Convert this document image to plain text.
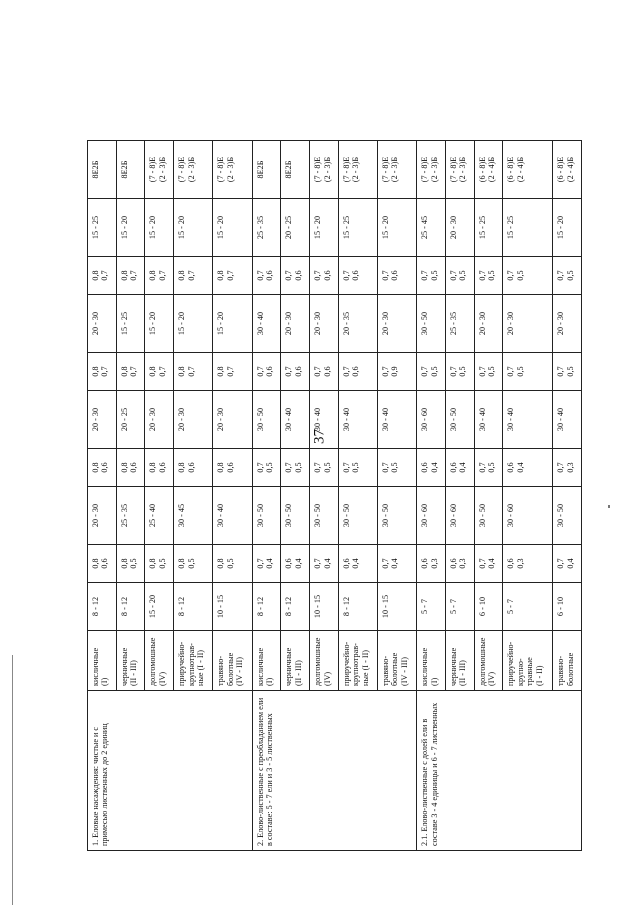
37
1. Еловые насаждения: чистые и с примесью лиственных до 2 единиц	кисличные (I)	8 - 12	0,8 0,6	20 - 30	0,8 0,6	20 - 30	0,8 0,7	20 - 30	0,8 0,7	15 - 25	8Е2Б

	черничные (II - III)	8 - 12	0,8 0,5	25 - 35	0,8 0,6	20 - 25	0,8 0,7	15 - 25	0,8 0,7	15 - 20	8Е2Б

	долгомошные (IV)	15 - 20	0,8 0,5	25 - 40	0,8 0,6	20 - 30	0,8 0,7	15 - 20	0,8 0,7	15 - 20	(7 - 8)Е (2 - 3)Б

	приручейно- крупнотрав- ные (I - II)	8 - 12	0,8 0,5	30 - 45	0,8 0,6	20 - 30	0,8 0,7	15 - 20	0,8 0,7	15 - 20	(7 - 8)Е (2 - 3)Б

	травяно- болотные (IV - III)	10 - 15	0,8 0,5	30 - 40	0,8 0,6	20 - 30	0,8 0,7	15 - 20	0,8 0,7	15 - 20	(7 - 8)Е (2 - 3)Б

2. Елово-лиственные с преобладанием ели в составе: 5 - 7 ели и 3 - 5 лиственных	кисличные (I)	8 - 12	0,7 0,4	30 - 50	0,7 0,5	30 - 50	0,7 0,6	30 - 40	0,7 0,6	25 - 35	8Е2Б

	черничные (II - III)	8 - 12	0,6 0,4	30 - 50	0,7 0,5	30 - 40	0,7 0,6	20 - 30	0,7 0,6	20 - 25	8Е2Б

	долгомошные (IV)	10 - 15	0,7 0,4	30 - 50	0,7 0,5	30 - 40	0,7 0,6	20 - 30	0,7 0,6	15 - 20	(7 - 8)Е (2 - 3)Б

	приручейно- крупнотрав- ные (I - II)	8 - 12	0,6 0,4	30 - 50	0,7 0,5	30 - 40	0,7 0,6	20 - 35	0,7 0,6	15 - 25	(7 - 8)Е (2 - 3)Б

	травяно- болотные (IV - III)	10 - 15	0,7 0,4	30 - 50	0,7 0,5	30 - 40	0,7 0,9	20 - 30	0,7 0,6	15 - 20	(7 - 8)Е (2 - 3)Б

2.1. Елово-лиственные с долей ели в составе 3 - 4 единицы и 6 - 7 лиственных	кисличные (I)	5 - 7	0,6 0,3	30 - 60	0,6 0,4	30 - 60	0,7 0,5	30 - 50	0,7 0,5	25 - 45	(7 - 8)Е (2 - 3)Б

	черничные (II - III)	5 - 7	0,6 0,3	30 - 60	0,6 0,4	30 - 50	0,7 0,5	25 - 35	0,7 0,5	20 - 30	(7 - 8)Е (2 - 3)Б

	долгомошные (IV)	6 - 10	0,7 0,4	30 - 50	0,7 0,5	30 - 40	0,7 0,5	20 - 30	0,7 0,5	15 - 25	(6 - 8)Е (2 - 4)Б

	приручейно- крупно- травные (I - II)	5 - 7	0,6 0,3	30 - 60	0,6 0,4	30 - 40	0,7 0,5	20 - 30	0,7 0,5	15 - 25	(6 - 8)Е (2 - 4)Б

	травяно- болотные	6 - 10	0,7 0,4	30 - 50	0,7 0,3	30 - 40	0,7 0,5	20 - 30	0,7 0,5	15 - 20	(6 - 8)Е (2 - 4)Б
